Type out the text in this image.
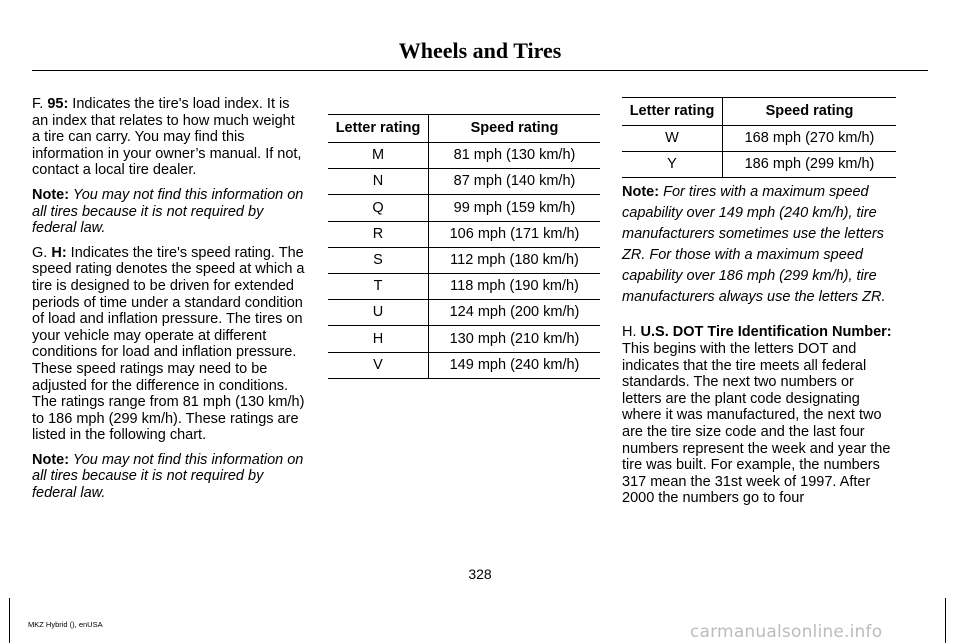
Wheels and Tires

F. 95: Indicates the tire's load index. It is an index that relates to how much weight a tire can carry. You may find this information in your owner’s manual. If not, contact a local tire dealer.

Note: You may not find this information on all tires because it is not required by federal law.

G. H: Indicates the tire's speed rating. The speed rating denotes the speed at which a tire is designed to be driven for extended periods of time under a standard condition of load and inflation pressure. The tires on your vehicle may operate at different conditions for load and inflation pressure. These speed ratings may need to be adjusted for the difference in conditions. The ratings range from 81 mph (130 km/h) to 186 mph (299 km/h). These ratings are listed in the following chart.

Note: You may not find this information on all tires because it is not required by federal law.

Letter rating	Speed rating
M	81 mph (130 km/h)
N	87 mph (140 km/h)
Q	99 mph (159 km/h)
R	106 mph (171 km/h)
S	112 mph (180 km/h)
T	118 mph (190 km/h)
U	124 mph (200 km/h)
H	130 mph (210 km/h)
V	149 mph (240 km/h)
Letter rating	Speed rating
W	168 mph (270 km/h)
Y	186 mph (299 km/h)

Note: For tires with a maximum speed capability over 149 mph (240 km/h), tire manufacturers sometimes use the letters ZR. For those with a maximum speed capability over 186 mph (299 km/h), tire manufacturers always use the letters ZR.

H. U.S. DOT Tire Identification Number: This begins with the letters DOT and indicates that the tire meets all federal standards. The next two numbers or letters are the plant code designating where it was manufactured, the next two are the tire size code and the last four numbers represent the week and year the tire was built. For example, the numbers 317 mean the 31st week of 1997. After 2000 the numbers go to four

328
MKZ Hybrid (), enUSA	carmanualsonline.info
